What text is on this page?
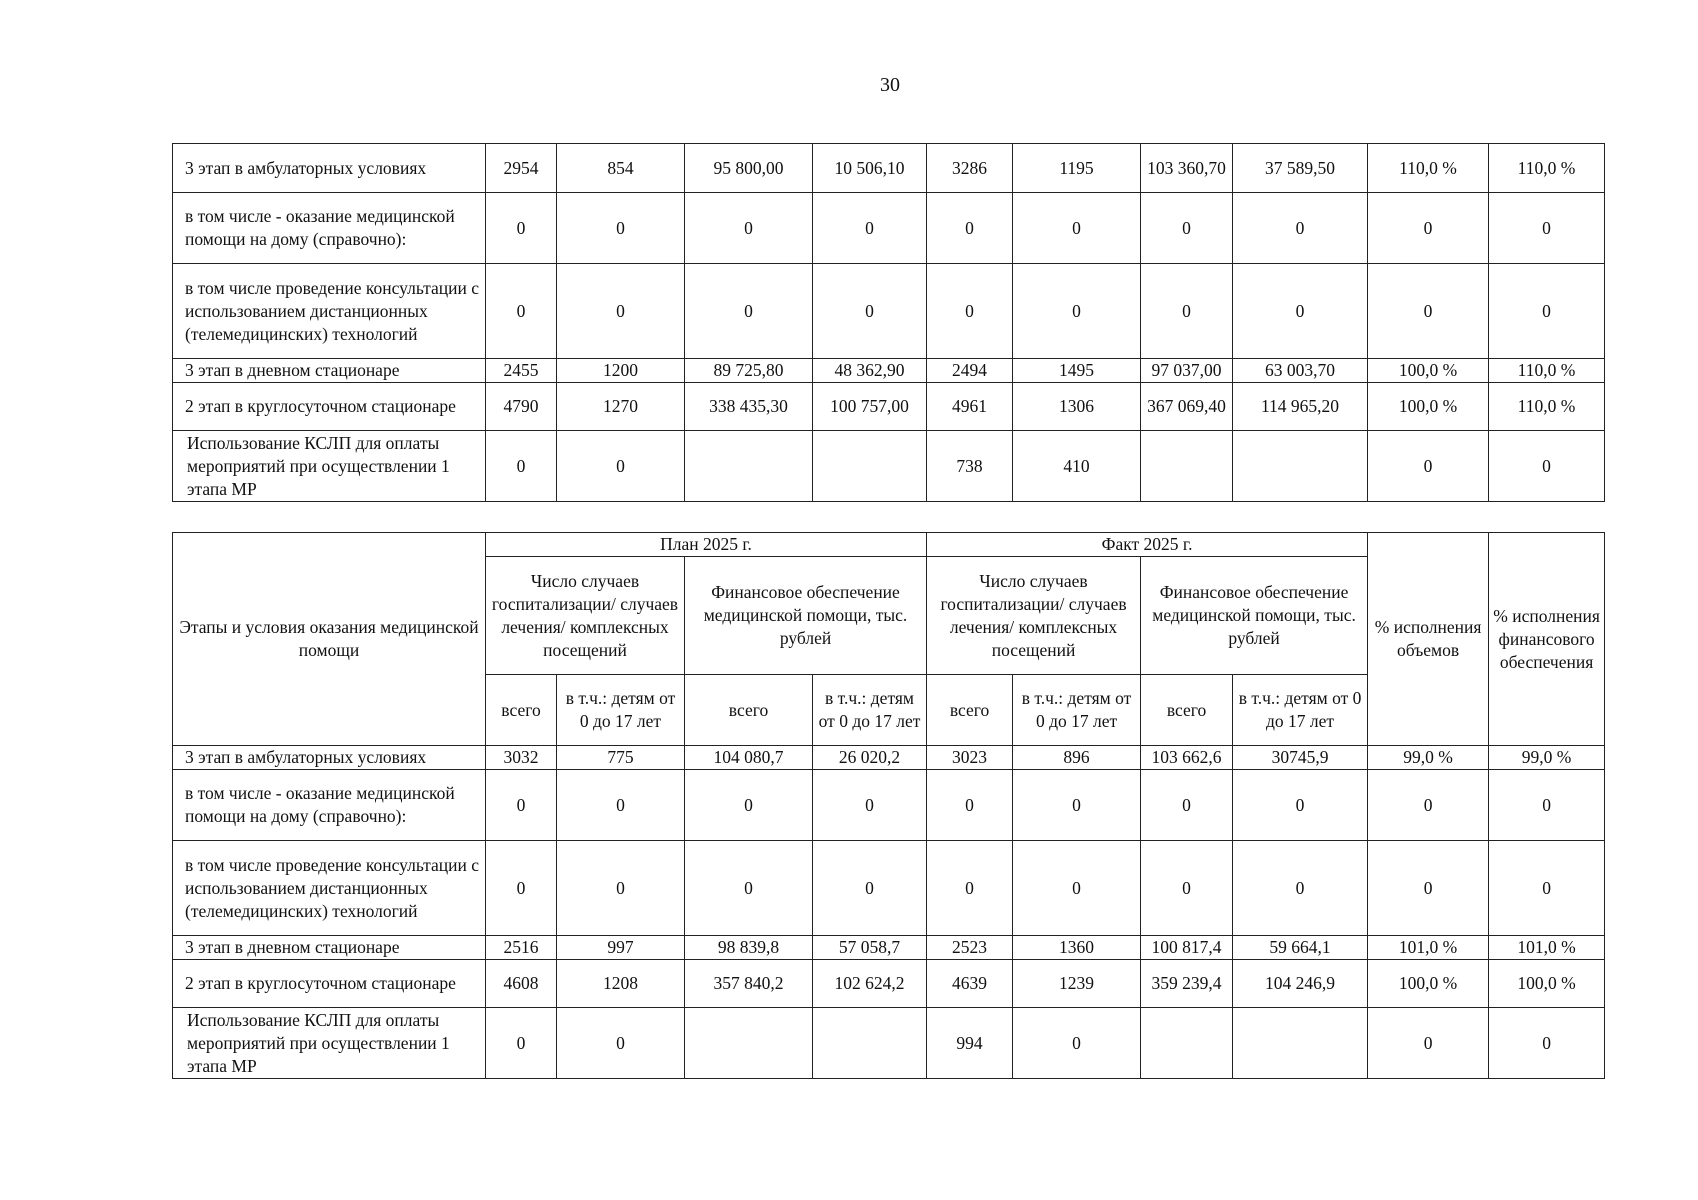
30
3 этап в амбулаторных условиях	2954	854	95 800,00	10 506,10	3286	1195	103 360,70	37 589,50	110,0 %	110,0 %
в том числе - оказание медицинской помощи на дому (справочно):	0	0	0	0	0	0	0	0	0	0
в том числе проведение консультации с использованием дистанционных (телемедицинских) технологий	0	0	0	0	0	0	0	0	0	0
3 этап в дневном стационаре	2455	1200	89 725,80	48 362,90	2494	1495	97 037,00	63 003,70	100,0 %	110,0 %
2 этап в круглосуточном стационаре	4790	1270	338 435,30	100 757,00	4961	1306	367 069,40	114 965,20	100,0 %	110,0 %
Использование КСЛП для оплаты мероприятий при осуществлении 1 этапа МР	0	0			738	410			0	0
Этапы и условия оказания медицинской помощи	План 2025 г.				Факт 2025 г.				% исполнения объемов	% исполнения финансового обеспечения
	Число случаев госпитализации/ случаев лечения/ комплексных посещений		Финансовое обеспечение медицинской помощи, тыс. рублей		Число случаев госпитализации/ случаев лечения/ комплексных посещений		Финансовое обеспечение медицинской помощи, тыс. рублей			
	всего	в т.ч.: детям от 0 до 17 лет	всего	в т.ч.: детям от 0 до 17 лет	всего	в т.ч.: детям от 0 до 17 лет	всего	в т.ч.: детям от 0 до 17 лет		
3 этап в амбулаторных условиях	3032	775	104 080,7	26 020,2	3023	896	103 662,6	30745,9	99,0 %	99,0 %
в том числе - оказание медицинской помощи на дому (справочно):	0	0	0	0	0	0	0	0	0	0
в том числе проведение консультации с использованием дистанционных (телемедицинских) технологий	0	0	0	0	0	0	0	0	0	0
3 этап в дневном стационаре	2516	997	98 839,8	57 058,7	2523	1360	100 817,4	59 664,1	101,0 %	101,0 %
2 этап в круглосуточном стационаре	4608	1208	357 840,2	102 624,2	4639	1239	359 239,4	104 246,9	100,0 %	100,0 %
Использование КСЛП для оплаты мероприятий при осуществлении 1 этапа МР	0	0			994	0			0	0
